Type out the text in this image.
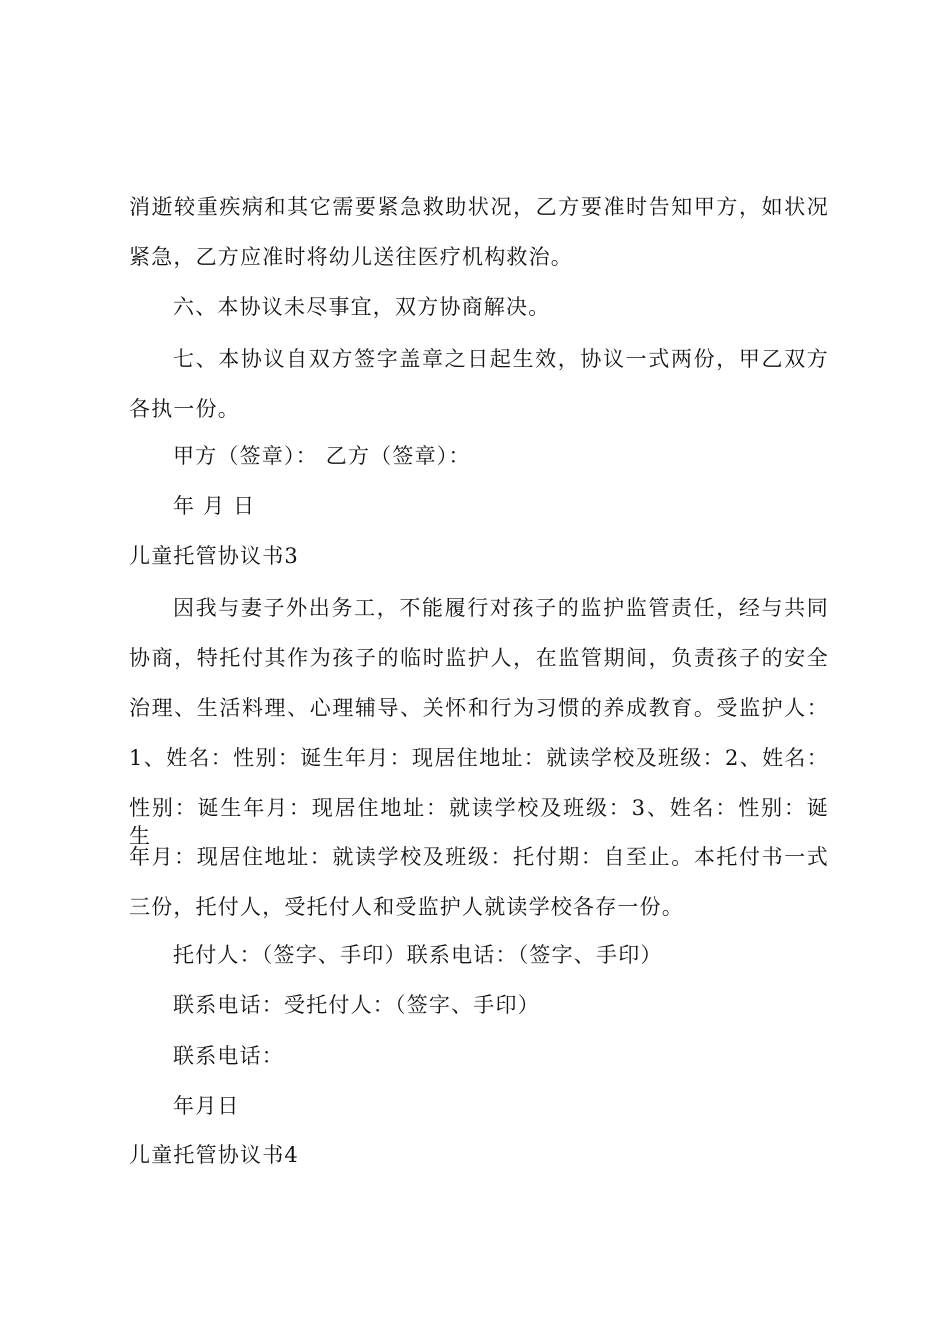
消逝较重疾病和其它需要紧急救助状况，乙方要准时告知甲方，如状况
紧急，乙方应准时将幼儿送往医疗机构救治。
六、本协议未尽事宜，双方协商解决。
七、本协议自双方签字盖章之日起生效，协议一式两份，甲乙双方
各执一份。
甲方（签章）： 乙方（签章）：
年 月 日
儿童托管协议书3
因我与妻子外出务工，不能履行对孩子的监护监管责任，经与共同
协商，特托付其作为孩子的临时监护人，在监管期间，负责孩子的安全
治理、生活料理、心理辅导、关怀和行为习惯的养成教育。受监护人：
1、姓名：性别：诞生年月：现居住地址：就读学校及班级：2、姓名：
性别：诞生年月：现居住地址：就读学校及班级：3、姓名：性别：诞生
年月：现居住地址：就读学校及班级：托付期：自至止。本托付书一式
三份，托付人，受托付人和受监护人就读学校各存一份。
托付人：（签字、手印）联系电话：（签字、手印）
联系电话：受托付人：（签字、手印）
联系电话：
年月日
儿童托管协议书4
